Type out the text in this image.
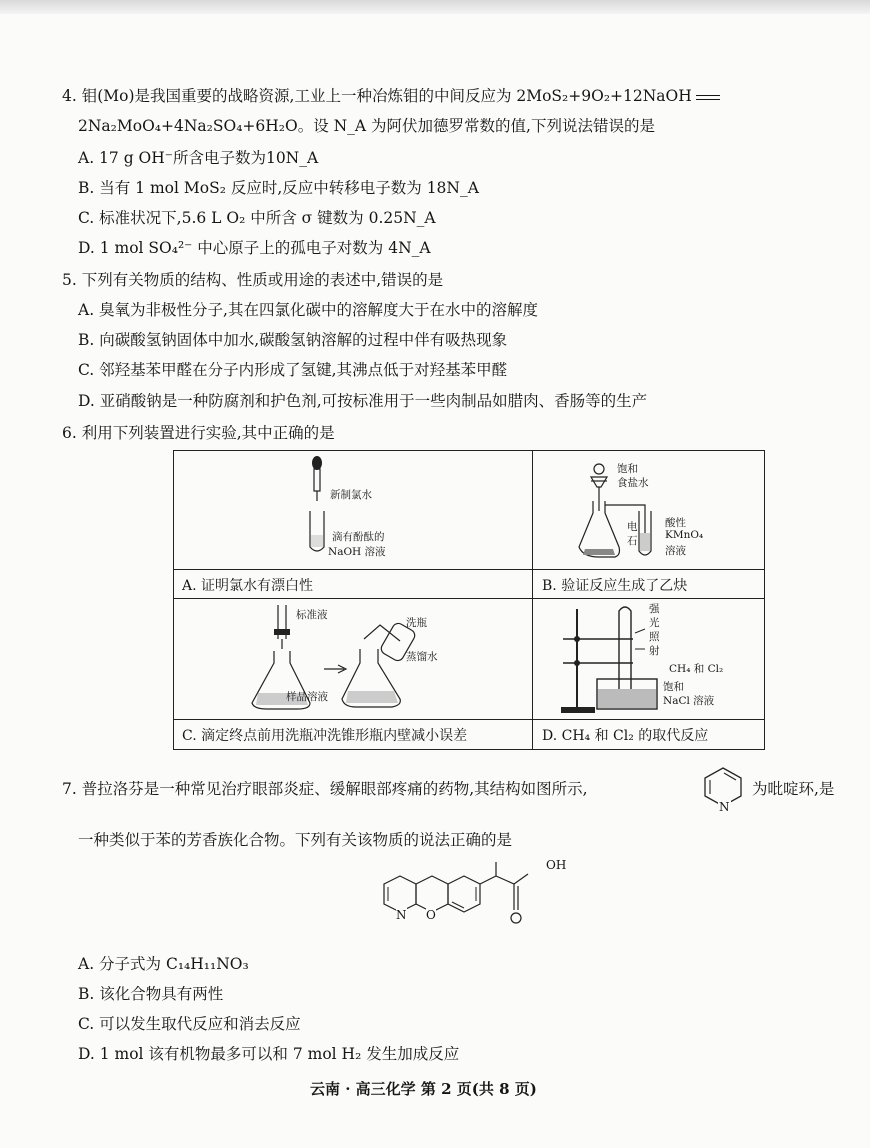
4. 钼(Mo)是我国重要的战略资源,工业上一种冶炼钼的中间反应为 2MoS₂+9O₂+12NaOH
2Na₂MoO₄+4Na₂SO₄+6H₂O。设 N_A 为阿伏加德罗常数的值,下列说法错误的是
A. 17 g OH⁻所含电子数为10N_A
B. 当有 1 mol MoS₂ 反应时,反应中转移电子数为 18N_A
C. 标准状况下,5.6 L O₂ 中所含 σ 键数为 0.25N_A
D. 1 mol SO₄²⁻ 中心原子上的孤电子对数为 4N_A
5. 下列有关物质的结构、性质或用途的表述中,错误的是
A. 臭氧为非极性分子,其在四氯化碳中的溶解度大于在水中的溶解度
B. 向碳酸氢钠固体中加水,碳酸氢钠溶解的过程中伴有吸热现象
C. 邻羟基苯甲醛在分子内形成了氢键,其沸点低于对羟基苯甲醛
D. 亚硝酸钠是一种防腐剂和护色剂,可按标准用于一些肉制品如腊肉、香肠等的生产
6. 利用下列装置进行实验,其中正确的是
新制氯水
滴有酚酞的
NaOH 溶液
饱和
食盐水
电
石
酸性
KMnO₄
溶液
A. 证明氯水有漂白性	B. 验证反应生成了乙炔
标准液
洗瓶
蒸馏水
样品溶液
强
光
照
射
CH₄ 和 Cl₂
饱和
NaCl 溶液
C. 滴定终点前用洗瓶冲洗锥形瓶内壁减小误差	D. CH₄ 和 Cl₂ 的取代反应
7. 普拉洛芬是一种常见治疗眼部炎症、缓解眼部疼痛的药物,其结构如图所示,
N
为吡啶环,是
一种类似于苯的芳香族化合物。下列有关该物质的说法正确的是
OH
N O
A. 分子式为 C₁₄H₁₁NO₃
B. 该化合物具有两性
C. 可以发生取代反应和消去反应
D. 1 mol 该有机物最多可以和 7 mol H₂ 发生加成反应
云南 · 高三化学 第 2 页(共 8 页)
